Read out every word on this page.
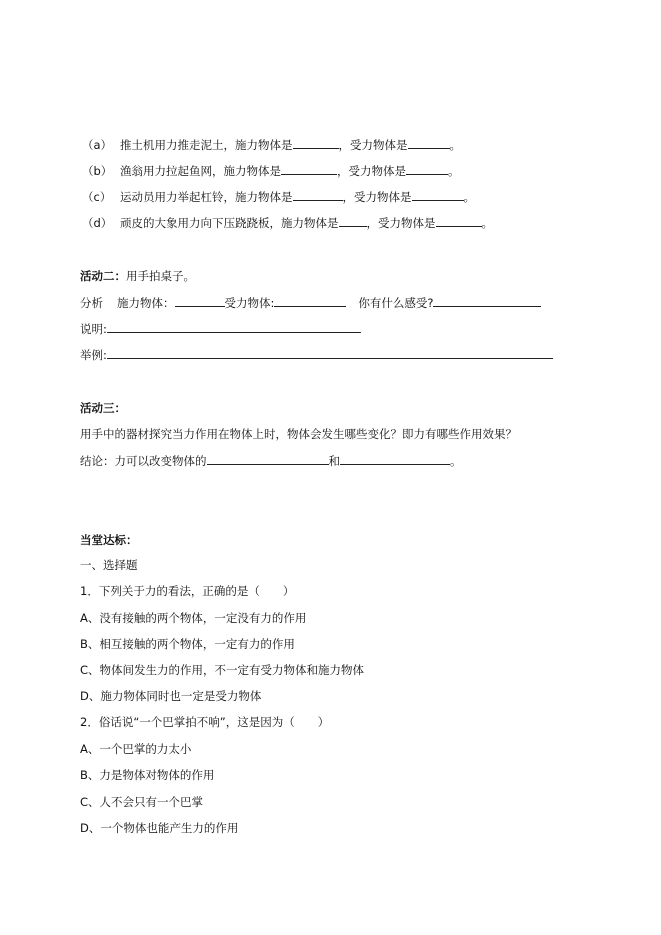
（a） 推土机用力推走泥土，施力物体是	，受力物体是	。
（b） 渔翁用力拉起鱼网，施力物体是	，受力物体是	。
（c） 运动员用力举起杠铃，施力物体是	，受力物体是	。
（d） 顽皮的大象用力向下压跷跷板，施力物体是 ，受力物体是	。
活动二：用手拍桌子。
分析 施力物体：	受力物体:	你有什么感受?
说明:
举例:
活动三：
用手中的器材探究当力作用在物体上时，物体会发生哪些变化？即力有哪些作用效果？
结论：力可以改变物体的	和	。
当堂达标：
一、选择题
1．下列关于力的看法，正确的是（　　）
A、没有接触的两个物体，一定没有力的作用
B、相互接触的两个物体，一定有力的作用
C、物体间发生力的作用，不一定有受力物体和施力物体
D、施力物体同时也一定是受力物体
2．俗话说“一个巴掌拍不响”，这是因为（　　）
A、一个巴掌的力太小
B、力是物体对物体的作用
C、人不会只有一个巴掌
D、一个物体也能产生力的作用
